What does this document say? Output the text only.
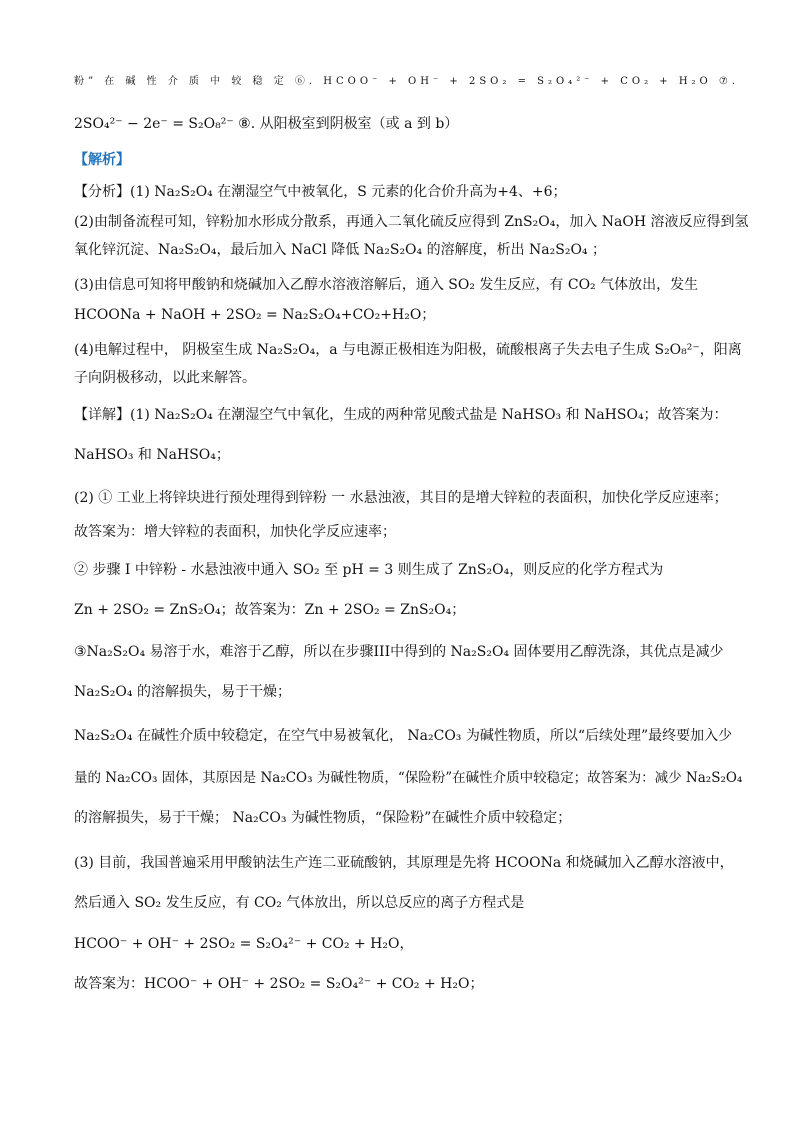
粉” 在 碱 性 介 质 中 较 稳 定 ⑥. HCOO⁻ + OH⁻ + 2SO₂ = S₂O₄²⁻ + CO₂ + H₂O ⑦.
2SO₄²⁻ − 2e⁻ = S₂O₈²⁻ ⑧. 从阳极室到阴极室（或 a 到 b）
【解析】
【分析】(1) Na₂S₂O₄ 在潮湿空气中被氧化，S 元素的化合价升高为+4、+6；
(2)由制备流程可知，锌粉加水形成分散系，再通入二氧化硫反应得到 ZnS₂O₄，加入 NaOH 溶液反应得到氢
氧化锌沉淀、Na₂S₂O₄，最后加入 NaCl 降低 Na₂S₂O₄ 的溶解度，析出 Na₂S₂O₄ ；
(3)由信息可知将甲酸钠和烧碱加入乙醇水溶液溶解后，通入 SO₂ 发生反应，有 CO₂ 气体放出，发生
HCOONa + NaOH + 2SO₂ = Na₂S₂O₄+CO₂+H₂O；
(4)电解过程中， 阴极室生成 Na₂S₂O₄，a 与电源正极相连为阳极，硫酸根离子失去电子生成 S₂O₈²⁻，阳离
子向阴极移动，以此来解答。
【详解】(1) Na₂S₂O₄ 在潮湿空气中氧化，生成的两种常见酸式盐是 NaHSO₃ 和 NaHSO₄；故答案为：
NaHSO₃ 和 NaHSO₄；
(2) ① 工业上将锌块进行预处理得到锌粉 一 水悬浊液，其目的是增大锌粒的表面积，加快化学反应速率；
故答案为：增大锌粒的表面积，加快化学反应速率；
② 步骤 I 中锌粉 - 水悬浊液中通入 SO₂ 至 pH = 3 则生成了 ZnS₂O₄，则反应的化学方程式为
Zn + 2SO₂ = ZnS₂O₄；故答案为：Zn + 2SO₂ = ZnS₂O₄；
③Na₂S₂O₄ 易溶于水，难溶于乙醇，所以在步骤III中得到的 Na₂S₂O₄ 固体要用乙醇洗涤，其优点是减少
Na₂S₂O₄ 的溶解损失，易于干燥；
Na₂S₂O₄ 在碱性介质中较稳定，在空气中易被氧化， Na₂CO₃ 为碱性物质，所以“后续处理”最终要加入少
量的 Na₂CO₃ 固体，其原因是 Na₂CO₃ 为碱性物质，“保险粉”在碱性介质中较稳定；故答案为：减少 Na₂S₂O₄
的溶解损失，易于干燥； Na₂CO₃ 为碱性物质，“保险粉”在碱性介质中较稳定；
(3) 目前，我国普遍采用甲酸钠法生产连二亚硫酸钠，其原理是先将 HCOONa 和烧碱加入乙醇水溶液中，
然后通入 SO₂ 发生反应，有 CO₂ 气体放出，所以总反应的离子方程式是
HCOO⁻ + OH⁻ + 2SO₂ = S₂O₄²⁻ + CO₂ + H₂O，
故答案为：HCOO⁻ + OH⁻ + 2SO₂ = S₂O₄²⁻ + CO₂ + H₂O；
